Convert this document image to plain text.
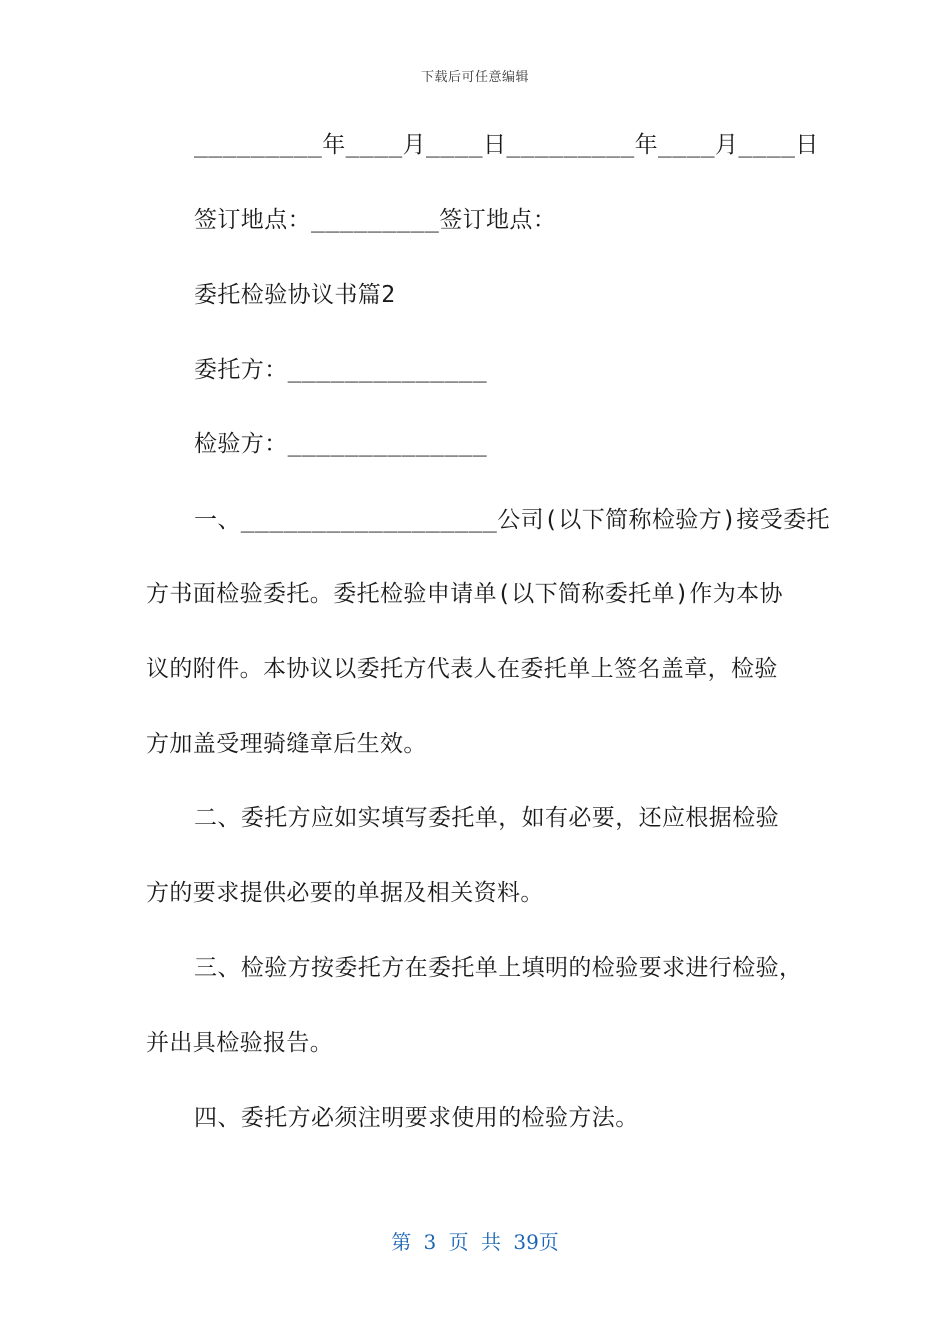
下载后可任意编辑
_________年____月____日_________年____月____日
签订地点：_________签订地点：
委托检验协议书篇2
委托方：______________
检验方：______________
一、__________________公司(以下简称检验方)接受委托
方书面检验委托。委托检验申请单(以下简称委托单)作为本协
议的附件。本协议以委托方代表人在委托单上签名盖章，检验
方加盖受理骑缝章后生效。
二、委托方应如实填写委托单，如有必要，还应根据检验
方的要求提供必要的单据及相关资料。
三、检验方按委托方在委托单上填明的检验要求进行检验，
并出具检验报告。
四、委托方必须注明要求使用的检验方法。
第 3 页 共 39页
